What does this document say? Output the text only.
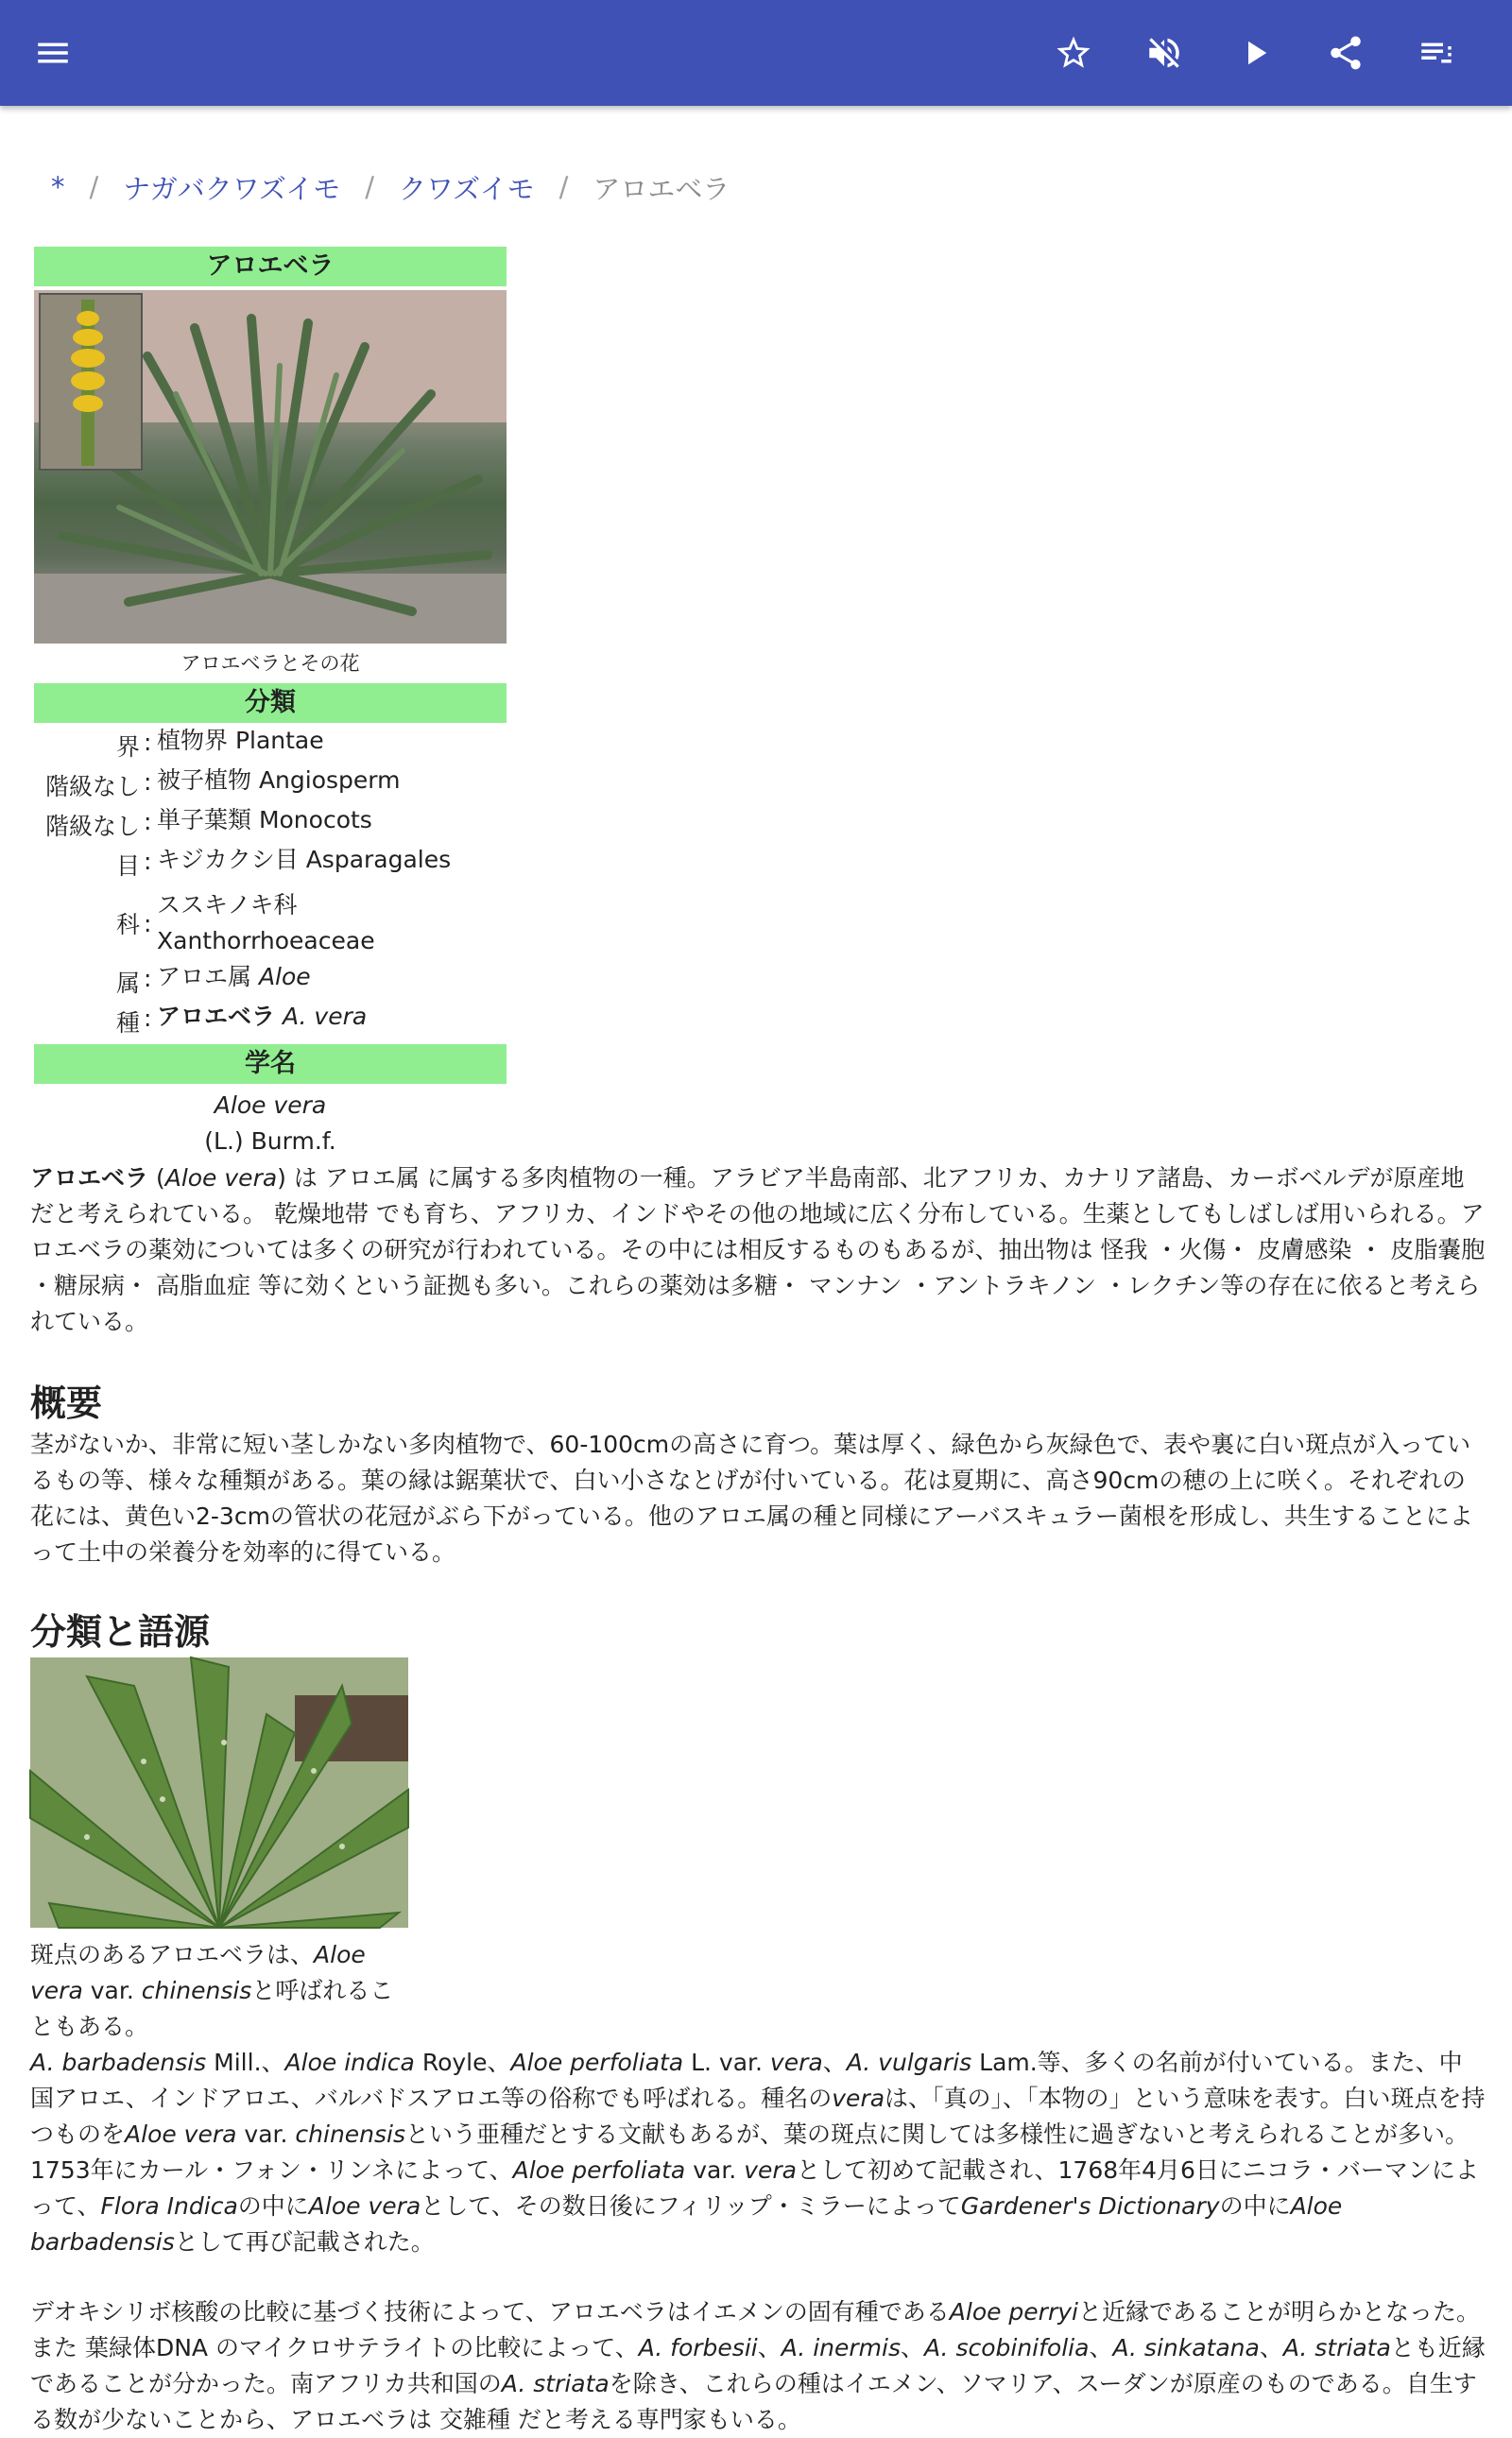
* / ナガバクワズイモ / クワズイモ / アロエベラ
アロエベラ
アロエベラとその花
分類
界 : 植物界 Plantae
階級なし : 被子植物 Angiosperm
階級なし : 単子葉類 Monocots
目 : キジカクシ目 Asparagales
科 :
ススキノキ科
Xanthorrhoeaceae
属 : アロエ属 Aloe
種 : アロエベラ A. vera
学名
Aloe vera
(L.) Burm.f.

アロエベラ (Aloe vera) は アロエ属 に属する多肉植物の一種。アラビア半島南部、北アフリカ、カナリア諸島、カーボベルデが原産地だと考えられている。 乾燥地帯 でも育ち、アフリカ、インドやその他の地域に広く分布している。生薬としてもしばしば用いられる。アロエベラの薬効については多くの研究が行われている。その中には相反するものもあるが、抽出物は 怪我 ・火傷・ 皮膚感染 ・ 皮脂嚢胞 ・糖尿病・ 高脂血症 等に効くという証拠も多い。これらの薬効は多糖・ マンナン ・アントラキノン ・レクチン等の存在に依ると考えられている。

概要

茎がないか、非常に短い茎しかない多肉植物で、60-100cmの高さに育つ。葉は厚く、緑色から灰緑色で、表や裏に白い斑点が入っているもの等、様々な種類がある。葉の縁は鋸葉状で、白い小さなとげが付いている。花は夏期に、高さ90cmの穂の上に咲く。それぞれの花には、黄色い2-3cmの管状の花冠がぶら下がっている。他のアロエ属の種と同様にアーバスキュラー菌根を形成し、共生することによって土中の栄養分を効率的に得ている。

分類と語源

斑点のあるアロエベラは、Aloe vera var. chinensisと呼ばれることもある。

A. barbadensis Mill.、Aloe indica Royle、Aloe perfoliata L. var. vera、A. vulgaris Lam.等、多くの名前が付いている。また、中国アロエ、インドアロエ、バルバドスアロエ等の俗称でも呼ばれる。種名のveraは、「真の」、「本物の」という意味を表す。白い斑点を持つものをAloe vera var. chinensisという亜種だとする文献もあるが、葉の斑点に関しては多様性に過ぎないと考えられることが多い。1753年にカール・フォン・リンネによって、Aloe perfoliata var. veraとして初めて記載され、1768年4月6日にニコラ・バーマンによって、Flora Indicaの中にAloe veraとして、その数日後にフィリップ・ミラーによってGardener's Dictionaryの中にAloe barbadensisとして再び記載された。

デオキシリボ核酸の比較に基づく技術によって、アロエベラはイエメンの固有種であるAloe perryiと近縁であることが明らかとなった。また 葉緑体DNA のマイクロサテライトの比較によって、A. forbesii、A. inermis、A. scobinifolia、A. sinkatana、A. striataとも近縁であることが分かった。南アフリカ共和国のA. striataを除き、これらの種はイエメン、ソマリア、スーダンが原産のものである。自生する数が少ないことから、アロエベラは 交雑種 だと考える専門家もいる。
